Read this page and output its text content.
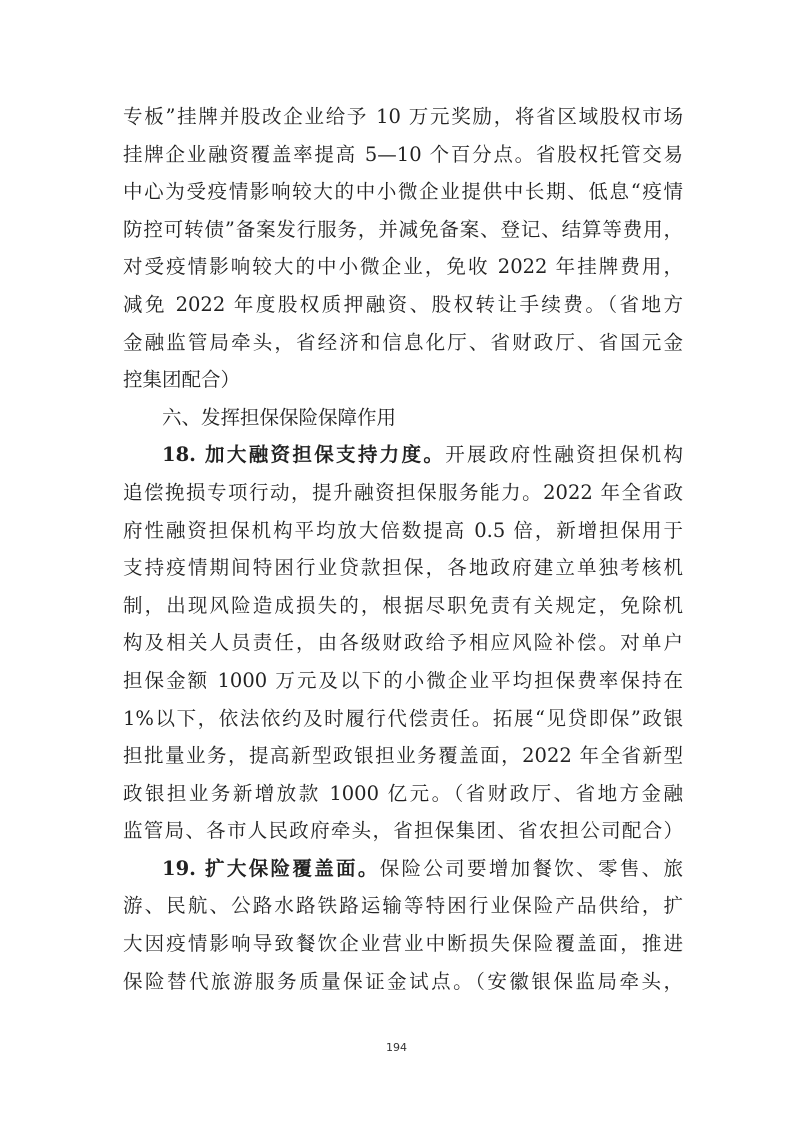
专板”挂牌并股改企业给予 10 万元奖励，将省区域股权市场
挂牌企业融资覆盖率提高 5—10 个百分点。省股权托管交易
中心为受疫情影响较大的中小微企业提供中长期、低息“疫情
防控可转债”备案发行服务，并减免备案、登记、结算等费用，
对受疫情影响较大的中小微企业，免收 2022 年挂牌费用，
减免 2022 年度股权质押融资、股权转让手续费。（省地方
金融监管局牵头，省经济和信息化厅、省财政厅、省国元金
控集团配合）
六、发挥担保保险保障作用
18. 加大融资担保支持力度。开展政府性融资担保机构
追偿挽损专项行动，提升融资担保服务能力。2022 年全省政
府性融资担保机构平均放大倍数提高 0.5 倍，新增担保用于
支持疫情期间特困行业贷款担保，各地政府建立单独考核机
制，出现风险造成损失的，根据尽职免责有关规定，免除机
构及相关人员责任，由各级财政给予相应风险补偿。对单户
担保金额 1000 万元及以下的小微企业平均担保费率保持在
1%以下，依法依约及时履行代偿责任。拓展“见贷即保”政银
担批量业务，提高新型政银担业务覆盖面，2022 年全省新型
政银担业务新增放款 1000 亿元。（省财政厅、省地方金融
监管局、各市人民政府牵头，省担保集团、省农担公司配合）
19. 扩大保险覆盖面。保险公司要增加餐饮、零售、旅
游、民航、公路水路铁路运输等特困行业保险产品供给，扩
大因疫情影响导致餐饮企业营业中断损失保险覆盖面，推进
保险替代旅游服务质量保证金试点。（安徽银保监局牵头，
194
